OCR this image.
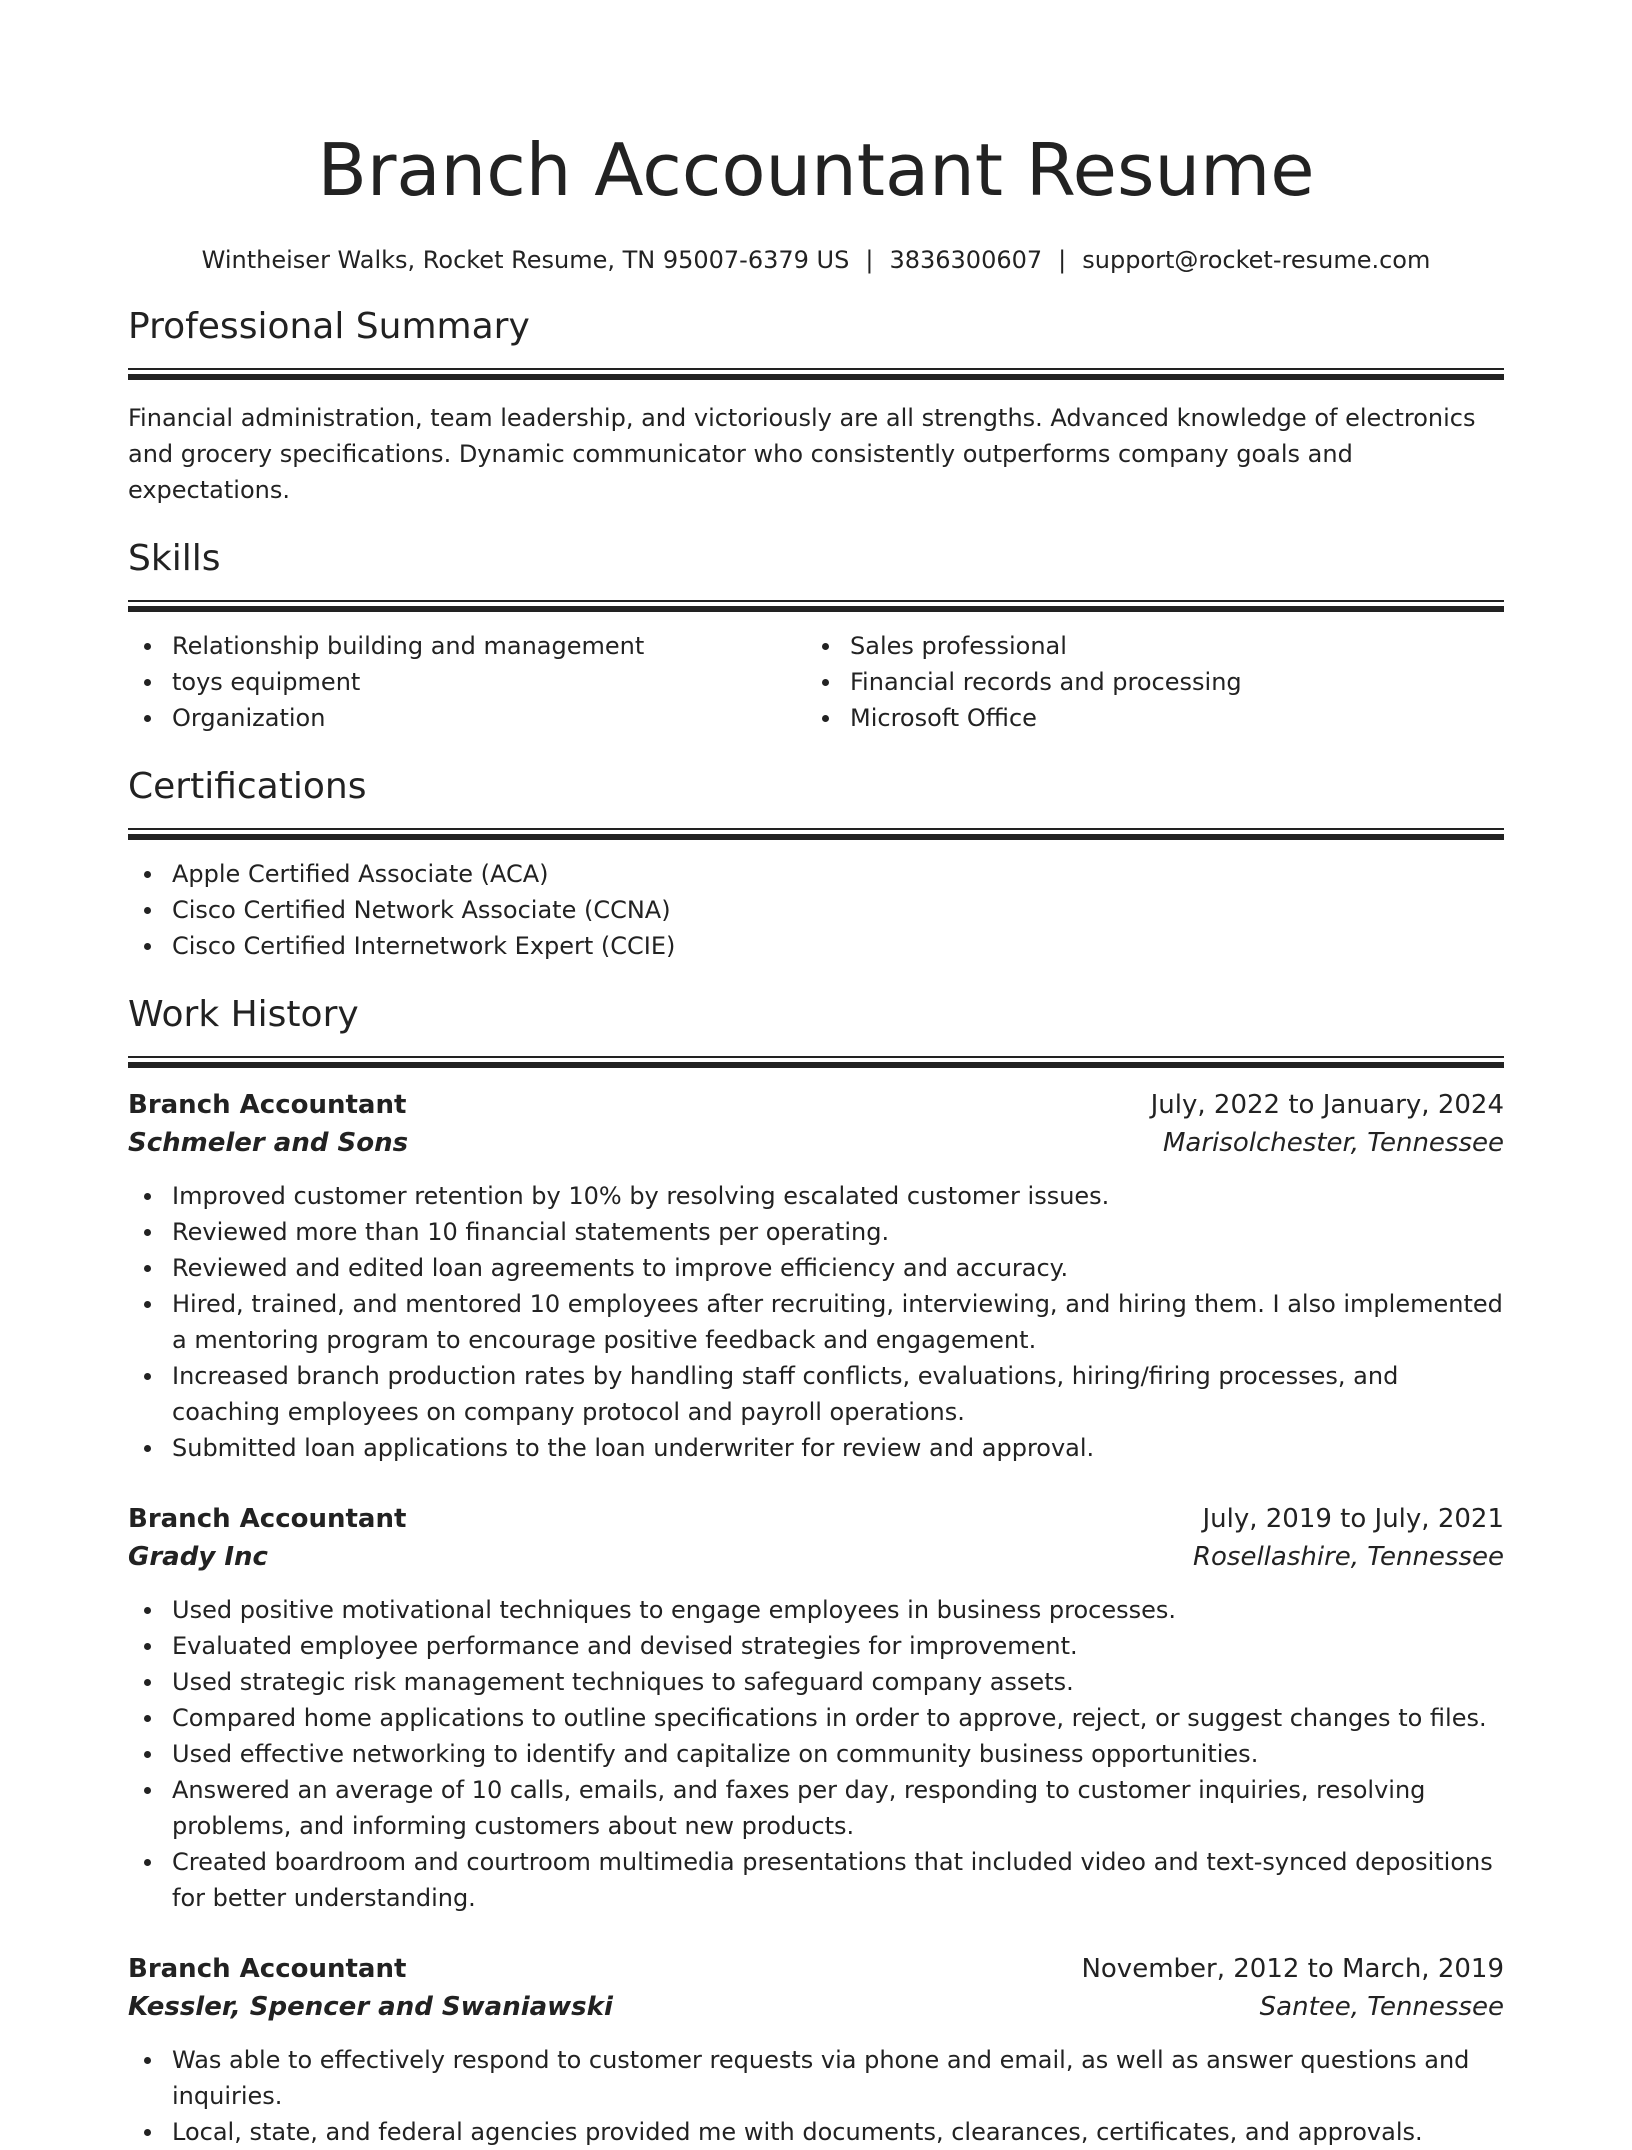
Branch Accountant Resume
Wintheiser Walks, Rocket Resume, TN 95007-6379 US | 3836300607 | support@rocket-resume.com
Professional Summary
Financial administration, team leadership, and victoriously are all strengths. Advanced knowledge of electronics and grocery specifications. Dynamic communicator who consistently outperforms company goals and expectations.
Skills
Relationship building and management
toys equipment
Organization
Sales professional
Financial records and processing
Microsoft Office
Certifications
Apple Certified Associate (ACA)
Cisco Certified Network Associate (CCNA)
Cisco Certified Internetwork Expert (CCIE)
Work History
Branch Accountant	July, 2022 to January, 2024
Schmeler and Sons	Marisolchester, Tennessee
Improved customer retention by 10% by resolving escalated customer issues.
Reviewed more than 10 financial statements per operating.
Reviewed and edited loan agreements to improve efficiency and accuracy.
Hired, trained, and mentored 10 employees after recruiting, interviewing, and hiring them. I also implemented a mentoring program to encourage positive feedback and engagement.
Increased branch production rates by handling staff conflicts, evaluations, hiring/firing processes, and coaching employees on company protocol and payroll operations.
Submitted loan applications to the loan underwriter for review and approval.
Branch Accountant	July, 2019 to July, 2021
Grady Inc	Rosellashire, Tennessee
Used positive motivational techniques to engage employees in business processes.
Evaluated employee performance and devised strategies for improvement.
Used strategic risk management techniques to safeguard company assets.
Compared home applications to outline specifications in order to approve, reject, or suggest changes to files.
Used effective networking to identify and capitalize on community business opportunities.
Answered an average of 10 calls, emails, and faxes per day, responding to customer inquiries, resolving problems, and informing customers about new products.
Created boardroom and courtroom multimedia presentations that included video and text-synced depositions for better understanding.
Branch Accountant	November, 2012 to March, 2019
Kessler, Spencer and Swaniawski	Santee, Tennessee
Was able to effectively respond to customer requests via phone and email, as well as answer questions and inquiries.
Local, state, and federal agencies provided me with documents, clearances, certificates, and approvals.
